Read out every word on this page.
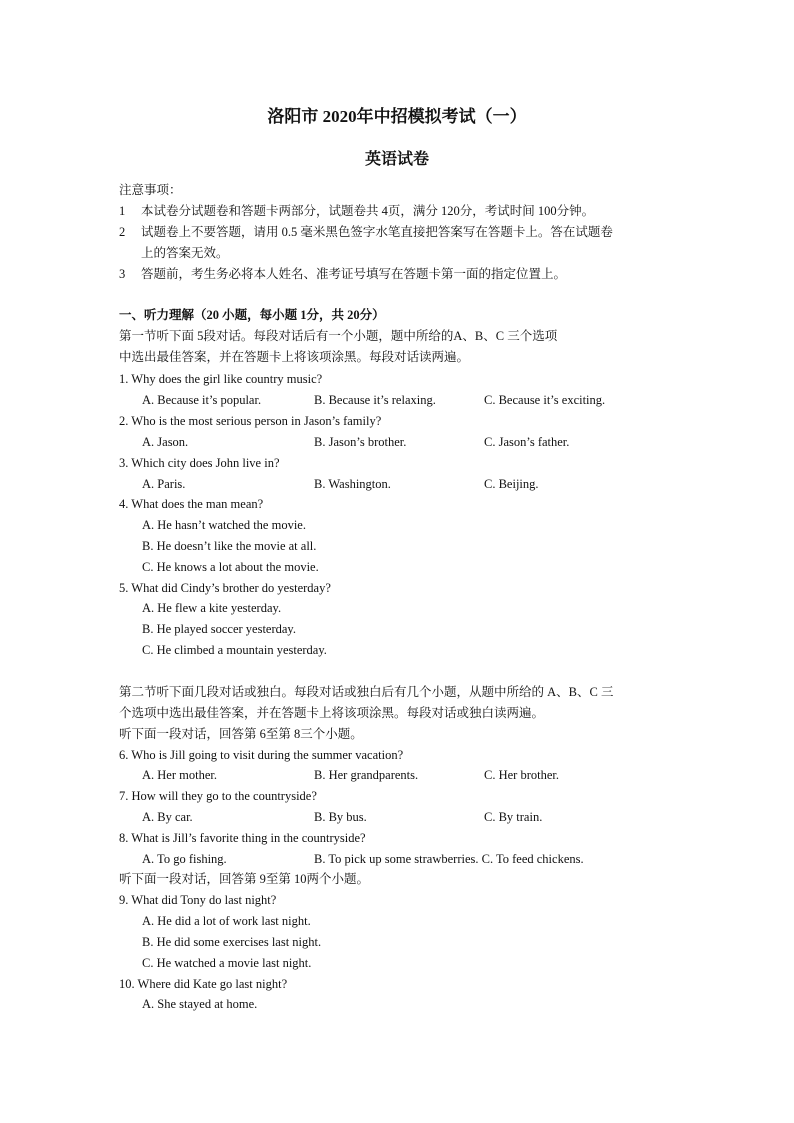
洛阳市 2020年中招模拟考试（一）
英语试卷
注意事项：
1 本试卷分试题卷和答题卡两部分，试题卷共 4页，满分 120分，考试时间 100分钟。
2 试题卷上不要答题，请用 0.5 毫米黑色签字水笔直接把答案写在答题卡上。答在试题卷
上的答案无效。
3 答题前，考生务必将本人姓名、准考证号填写在答题卡第一面的指定位置上。
一、听力理解（20 小题，每小题 1分，共 20分）
第一节听下面 5段对话。每段对话后有一个小题，题中所给的A、B、C 三个选项
中选出最佳答案，并在答题卡上将该项涂黑。每段对话读两遍。
1. Why does the girl like country music?
A. Because it’s popular.	B. Because it’s relaxing.	C. Because it’s exciting.
2. Who is the most serious person in Jason’s family?
A. Jason.	B. Jason’s brother.	C. Jason’s father.
3. Which city does John live in?
A. Paris.	B. Washington.	C. Beijing.
4. What does the man mean?
A. He hasn’t watched the movie.
B. He doesn’t like the movie at all.
C. He knows a lot about the movie.
5. What did Cindy’s brother do yesterday?
A. He flew a kite yesterday.
B. He played soccer yesterday.
C. He climbed a mountain yesterday.
第二节听下面几段对话或独白。每段对话或独白后有几个小题，从题中所给的 A、B、C 三
个选项中选出最佳答案，并在答题卡上将该项涂黑。每段对话或独白读两遍。
听下面一段对话，回答第 6至第 8三个小题。
6. Who is Jill going to visit during the summer vacation?
A. Her mother.	B. Her grandparents.	C. Her brother.
7. How will they go to the countryside?
A. By car.	B. By bus.	C. By train.
8. What is Jill’s favorite thing in the countryside?
A. To go fishing.	B. To pick up some strawberries. C. To feed chickens.
听下面一段对话，回答第 9至第 10两个小题。
9. What did Tony do last night?
A. He did a lot of work last night.
B. He did some exercises last night.
C. He watched a movie last night.
10. Where did Kate go last night?
A. She stayed at home.
